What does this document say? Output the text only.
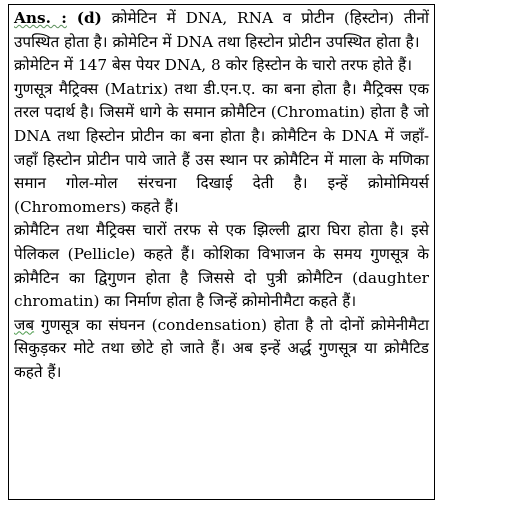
Ans. : (d) क्रोमेटिन में DNA, RNA व प्रोटीन (हिस्टोन) तीनों उपस्थित होता है। क्रोमेटिन में DNA तथा हिस्टोन प्रोटीन उपस्थित होता है।

क्रोमेटिन में 147 बेस पेयर DNA, 8 कोर हिस्टोन के चारो तरफ होते हैं।

गुणसूत्र मैट्रिक्स (Matrix) तथा डी.एन.ए. का बना होता है। मैट्रिक्स एक तरल पदार्थ है। जिसमें धागे के समान क्रोमैटिन (Chromatin) होता है जो DNA तथा हिस्टोन प्रोटीन का बना होता है। क्रोमैटिन के DNA में जहाँ-जहाँ हिस्टोन प्रोटीन पाये जाते हैं उस स्थान पर क्रोमैटिन में माला के मणिका समान गोल-मोल संरचना दिखाई देती है। इन्हें क्रोमोमियर्स (Chromomers) कहते हैं।

क्रोमैटिन तथा मैट्रिक्स चारों तरफ से एक झिल्ली द्वारा घिरा होता है। इसे पेलिकल (Pellicle) कहते हैं। कोशिका विभाजन के समय गुणसूत्र के क्रोमैटिन का द्विगुणन होता है जिससे दो पुत्री क्रोमैटिन (daughter chromatin) का निर्माण होता है जिन्हें क्रोमोनीमैटा कहते हैं।

जब गुणसूत्र का संघनन (condensation) होता है तो दोनों क्रोमेनीमैटा सिकुड़कर मोटे तथा छोटे हो जाते हैं। अब इन्हें अर्द्ध गुणसूत्र या क्रोमैटिड कहते हैं।
